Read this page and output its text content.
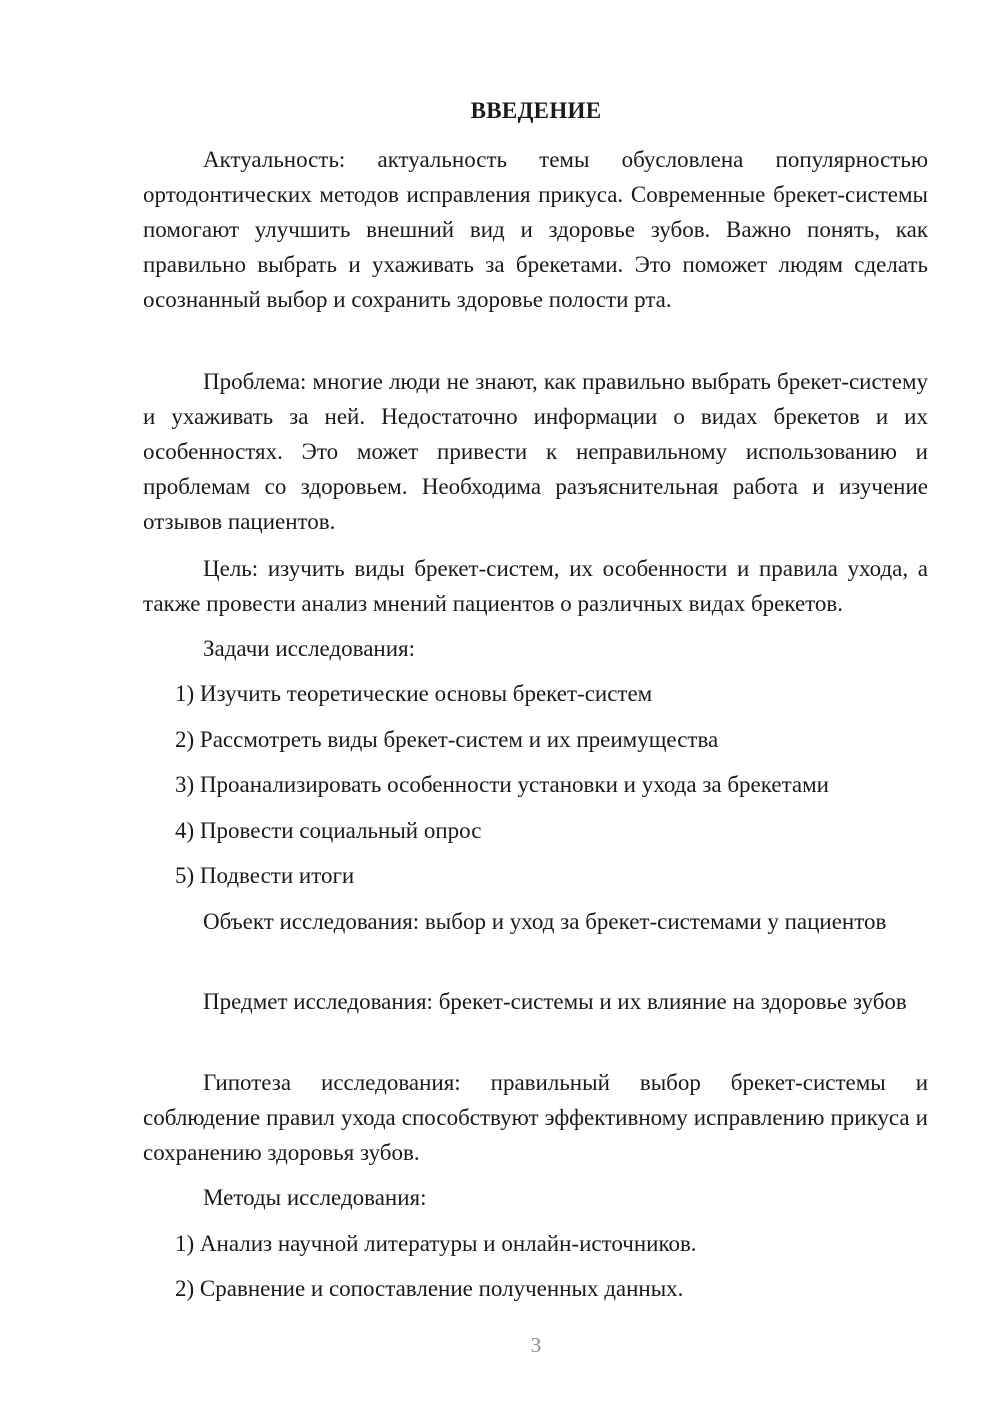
ВВЕДЕНИЕ

Актуальность: актуальность темы обусловлена популярностью ортодонтических методов исправления прикуса. Современные брекет-системы помогают улучшить внешний вид и здоровье зубов. Важно понять, как правильно выбрать и ухаживать за брекетами. Это поможет людям сделать осознанный выбор и сохранить здоровье полости рта.

Проблема: многие люди не знают, как правильно выбрать брекет-систему и ухаживать за ней. Недостаточно информации о видах брекетов и их особенностях. Это может привести к неправильному использованию и проблемам со здоровьем. Необходима разъяснительная работа и изучение отзывов пациентов.

Цель: изучить виды брекет-систем, их особенности и правила ухода, а также провести анализ мнений пациентов о различных видах брекетов.

Задачи исследования:
1) Изучить теоретические основы брекет-систем
2) Рассмотреть виды брекет-систем и их преимущества
3) Проанализировать особенности установки и ухода за брекетами
4) Провести социальный опрос
5) Подвести итоги

Объект исследования: выбор и уход за брекет-системами у пациентов

Предмет исследования: брекет-системы и их влияние на здоровье зубов

Гипотеза исследования: правильный выбор брекет-системы и соблюдение правил ухода способствуют эффективному исправлению прикуса и сохранению здоровья зубов.

Методы исследования:
1) Анализ научной литературы и онлайн-источников.
2) Сравнение и сопоставление полученных данных.
3
